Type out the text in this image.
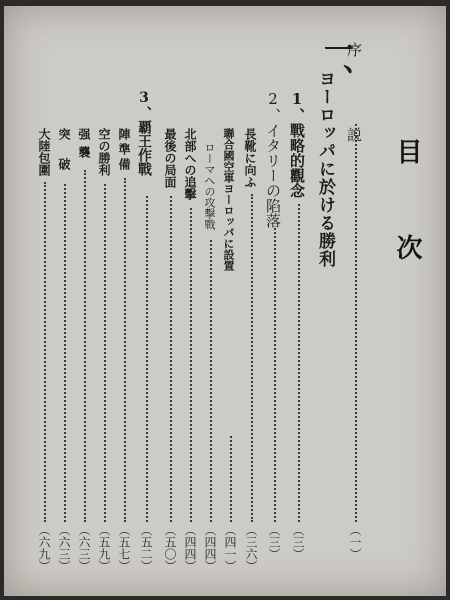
目次
一、
序　　　　説
（一）
ヨーロッパに於ける勝利
1、戰略的觀念
（三）
2、イタリーの陷落
（三）
長靴に向ふ
（三六）
聯合國空軍ヨーロッパに設置
（四一）
ローマへの攻擊戰
（四四）
北部への追擊
（四四）
最後の局面
（五〇）
3、覇王作戰
（五二）
陣準備
（五七）
空の勝利
（五九）
强襲
（六三）
突破
（六三）
大陸包圍
（六九）
